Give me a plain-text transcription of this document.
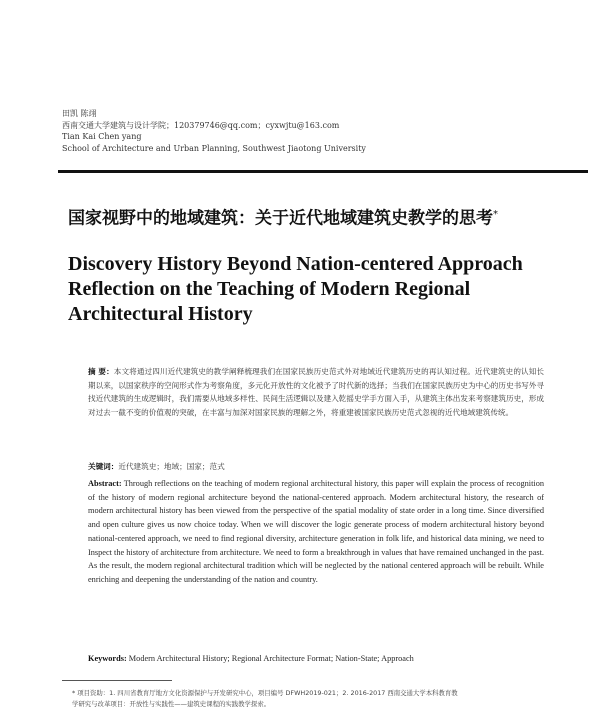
田凯 陈翊
西南交通大学建筑与设计学院；120379746@qq.com；cyxwjtu@163.com
Tian Kai Chen yang
School of Architecture and Urban Planning, Southwest Jiaotong University
国家视野中的地域建筑：关于近代地域建筑史教学的思考*
Discovery History Beyond Nation-centered Approach Reflection on the Teaching of Modern Regional Architectural History
摘 要：本文将通过四川近代建筑史的教学阐释梳理我们在国家民族历史范式外对地域近代建筑历史的再认知过程。近代建筑史的认知长期以来，以国家秩序的空间形式作为考察角度，多元化开放性的文化被予了时代新的选择；当我们在国家民族历史为中心的历史书写外寻找近代建筑的生成逻辑时，我们需要从地域多样性、民间生活逻辑以及建入乾摇史学手方面入手，从建筑主体出发来考察建筑历史，形成对过去一截不变的价值观的突破，在丰富与加深对国家民族的理解之外，将重建被国家民族历史范式忽视的近代地域建筑传统。
关键词：近代建筑史；地域；国家；范式
Abstract: Through reflections on the teaching of modern regional architectural history, this paper will explain the process of recognition of the history of modern regional architecture beyond the national-centered approach. Modern architectural history, the research of modern architectural history has been viewed from the perspective of the spatial modality of state order in a long time. Since diversified and open culture gives us now choice today. When we will discover the logic generate process of modern architectural history beyond national-centered approach, we need to find regional diversity, architecture generation in folk life, and historical data mining, we need to Inspect the history of architecture from architecture. We need to form a breakthrough in values that have remained unchanged in the past. As the result, the modern regional architectural tradition which will be neglected by the national centered approach will be rebuilt. While enriching and deepening the understanding of the nation and country.
Keywords: Modern Architectural History; Regional Architecture Format; Nation-State; Approach
* 项目资助：1. 四川省教育厅地方文化资源保护与开发研究中心，项目编号 DFWH2019-021；2. 2016-2017 西南交通大学本科教育教
学研究与改革项目：开放性与实践性——建筑史课程的实践教学探索。
